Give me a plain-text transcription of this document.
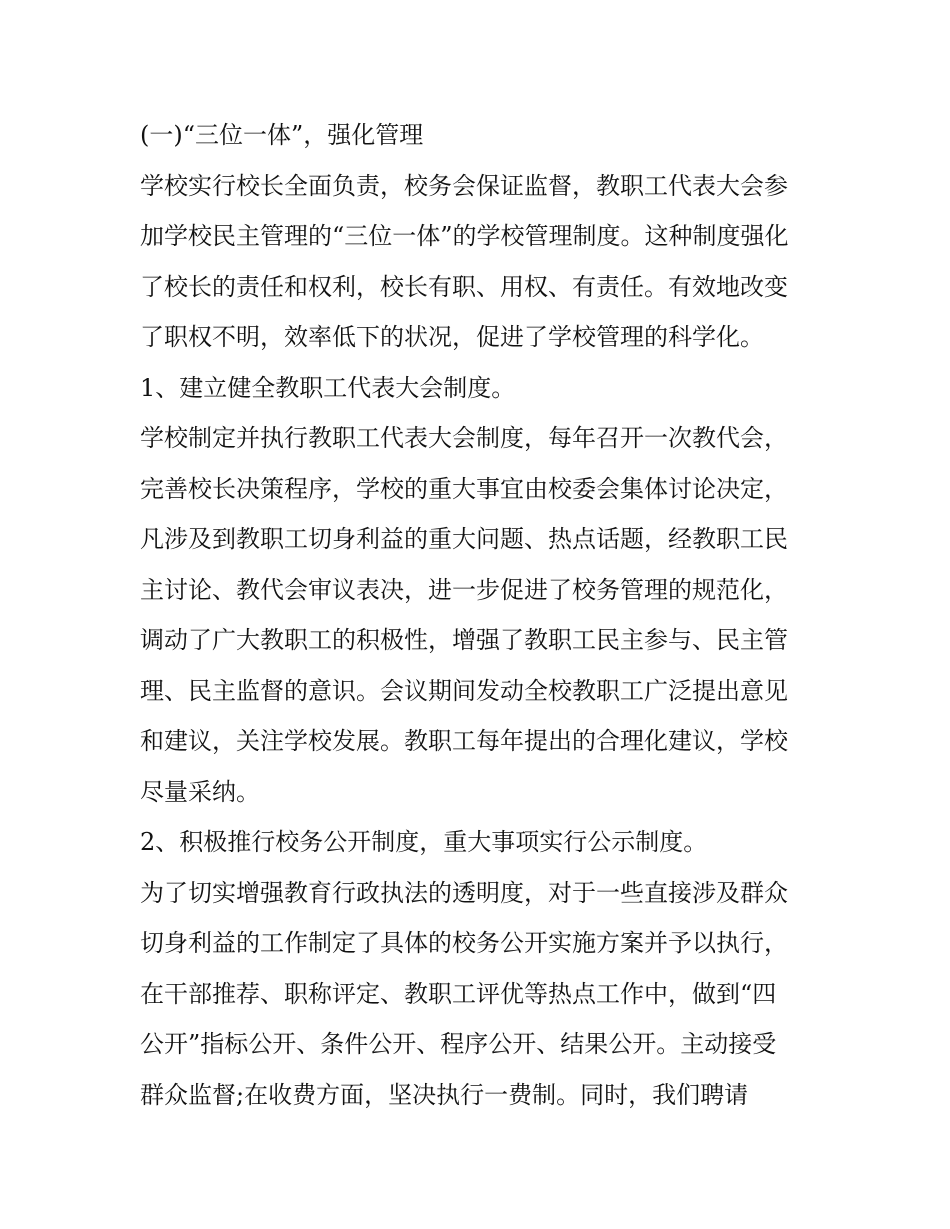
(一)“三位一体”，强化管理
学校实行校长全面负责，校务会保证监督，教职工代表大会参
加学校民主管理的“三位一体”的学校管理制度。这种制度强化
了校长的责任和权利，校长有职、用权、有责任。有效地改变
了职权不明，效率低下的状况，促进了学校管理的科学化。
1、建立健全教职工代表大会制度。
学校制定并执行教职工代表大会制度，每年召开一次教代会，
完善校长决策程序，学校的重大事宜由校委会集体讨论决定，
凡涉及到教职工切身利益的重大问题、热点话题，经教职工民
主讨论、教代会审议表决，进一步促进了校务管理的规范化，
调动了广大教职工的积极性，增强了教职工民主参与、民主管
理、民主监督的意识。会议期间发动全校教职工广泛提出意见
和建议，关注学校发展。教职工每年提出的合理化建议，学校
尽量采纳。
2、积极推行校务公开制度，重大事项实行公示制度。
为了切实增强教育行政执法的透明度，对于一些直接涉及群众
切身利益的工作制定了具体的校务公开实施方案并予以执行，
在干部推荐、职称评定、教职工评优等热点工作中，做到“四
公开”指标公开、条件公开、程序公开、结果公开。主动接受
群众监督;在收费方面，坚决执行一费制。同时，我们聘请
